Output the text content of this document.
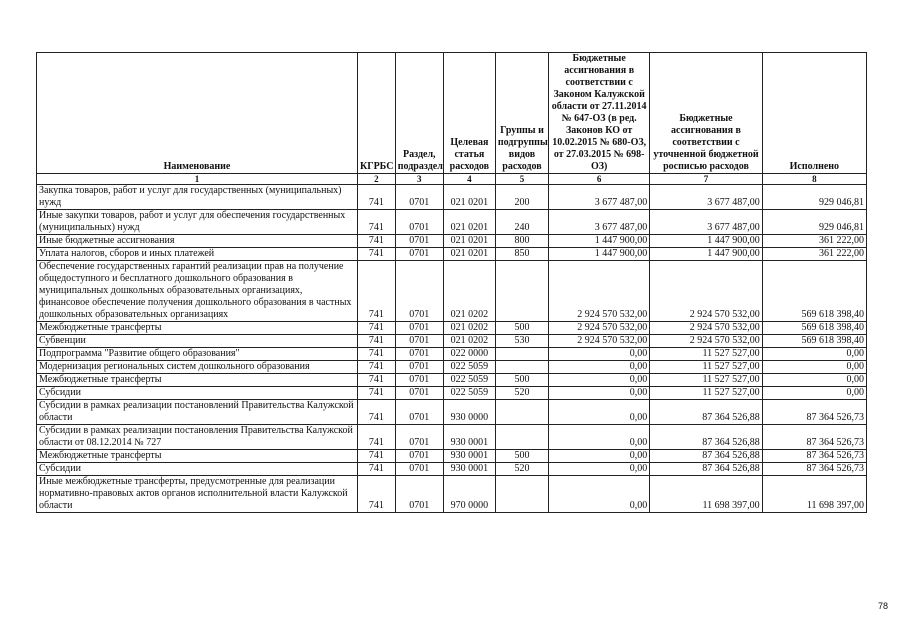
Наименование	КГРБС	Раздел, подраздел	Целевая статья расходов	Группы и подгруппы видов расходов	Бюджетные ассигнования в соответствии с Законом Калужской области от 27.11.2014 № 647-ОЗ (в ред. Законов КО от 10.02.2015 № 680-ОЗ, от 27.03.2015 № 698-ОЗ)	Бюджетные ассигнования в соответствии с уточненной бюджетной росписью расходов	Исполнено
1	2	3	4	5	6	7	8
Закупка товаров, работ и услуг для государственных (муниципальных) нужд	741	0701	021 0201	200	3 677 487,00	3 677 487,00	929 046,81
Иные закупки товаров, работ и услуг для обеспечения государственных (муниципальных) нужд	741	0701	021 0201	240	3 677 487,00	3 677 487,00	929 046,81
Иные бюджетные ассигнования	741	0701	021 0201	800	1 447 900,00	1 447 900,00	361 222,00
Уплата налогов, сборов и иных платежей	741	0701	021 0201	850	1 447 900,00	1 447 900,00	361 222,00
Обеспечение государственных гарантий реализации прав на получение общедоступного и бесплатного дошкольного образования в муниципальных дошкольных образовательных организациях, финансовое обеспечение получения дошкольного образования в частных дошкольных образовательных организациях	741	0701	021 0202		2 924 570 532,00	2 924 570 532,00	569 618 398,40
Межбюджетные трансферты	741	0701	021 0202	500	2 924 570 532,00	2 924 570 532,00	569 618 398,40
Субвенции	741	0701	021 0202	530	2 924 570 532,00	2 924 570 532,00	569 618 398,40
Подпрограмма "Развитие общего образования"	741	0701	022 0000		0,00	11 527 527,00	0,00
Модернизация региональных систем дошкольного образования	741	0701	022 5059		0,00	11 527 527,00	0,00
Межбюджетные трансферты	741	0701	022 5059	500	0,00	11 527 527,00	0,00
Субсидии	741	0701	022 5059	520	0,00	11 527 527,00	0,00
Субсидии в рамках реализации постановлений Правительства Калужской области	741	0701	930 0000		0,00	87 364 526,88	87 364 526,73
Субсидии в рамках реализации постановления Правительства Калужской области от 08.12.2014 № 727	741	0701	930 0001		0,00	87 364 526,88	87 364 526,73
Межбюджетные трансферты	741	0701	930 0001	500	0,00	87 364 526,88	87 364 526,73
Субсидии	741	0701	930 0001	520	0,00	87 364 526,88	87 364 526,73
Иные межбюджетные трансферты, предусмотренные для реализации нормативно-правовых актов органов исполнительной власти Калужской области	741	0701	970 0000		0,00	11 698 397,00	11 698 397,00
78
